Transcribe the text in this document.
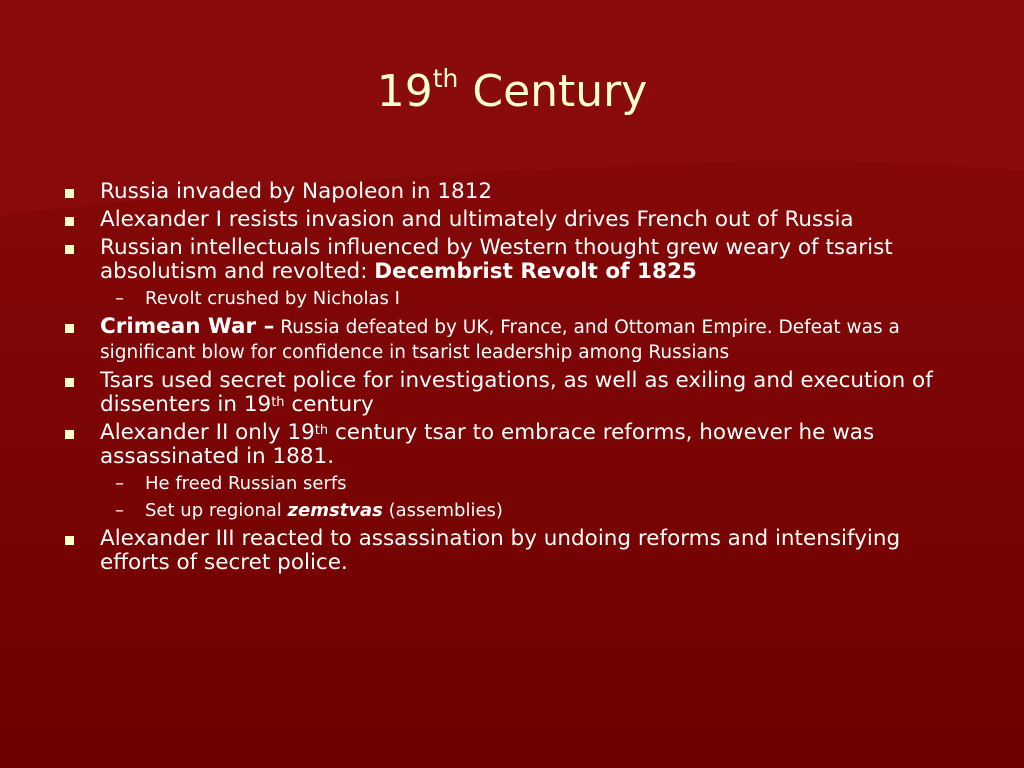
19th Century
Russia invaded by Napoleon in 1812
Alexander I resists invasion and ultimately drives French out of Russia
Russian intellectuals influenced by Western thought grew weary of tsarist absolutism and revolted: Decembrist Revolt of 1825
– Revolt crushed by Nicholas I
Crimean War – Russia defeated by UK, France, and Ottoman Empire. Defeat was a significant blow for confidence in tsarist leadership among Russians
Tsars used secret police for investigations, as well as exiling and execution of dissenters in 19th century
Alexander II only 19th century tsar to embrace reforms, however he was assassinated in 1881.
– He freed Russian serfs
– Set up regional zemstvas (assemblies)
Alexander III reacted to assassination by undoing reforms and intensifying efforts of secret police.
